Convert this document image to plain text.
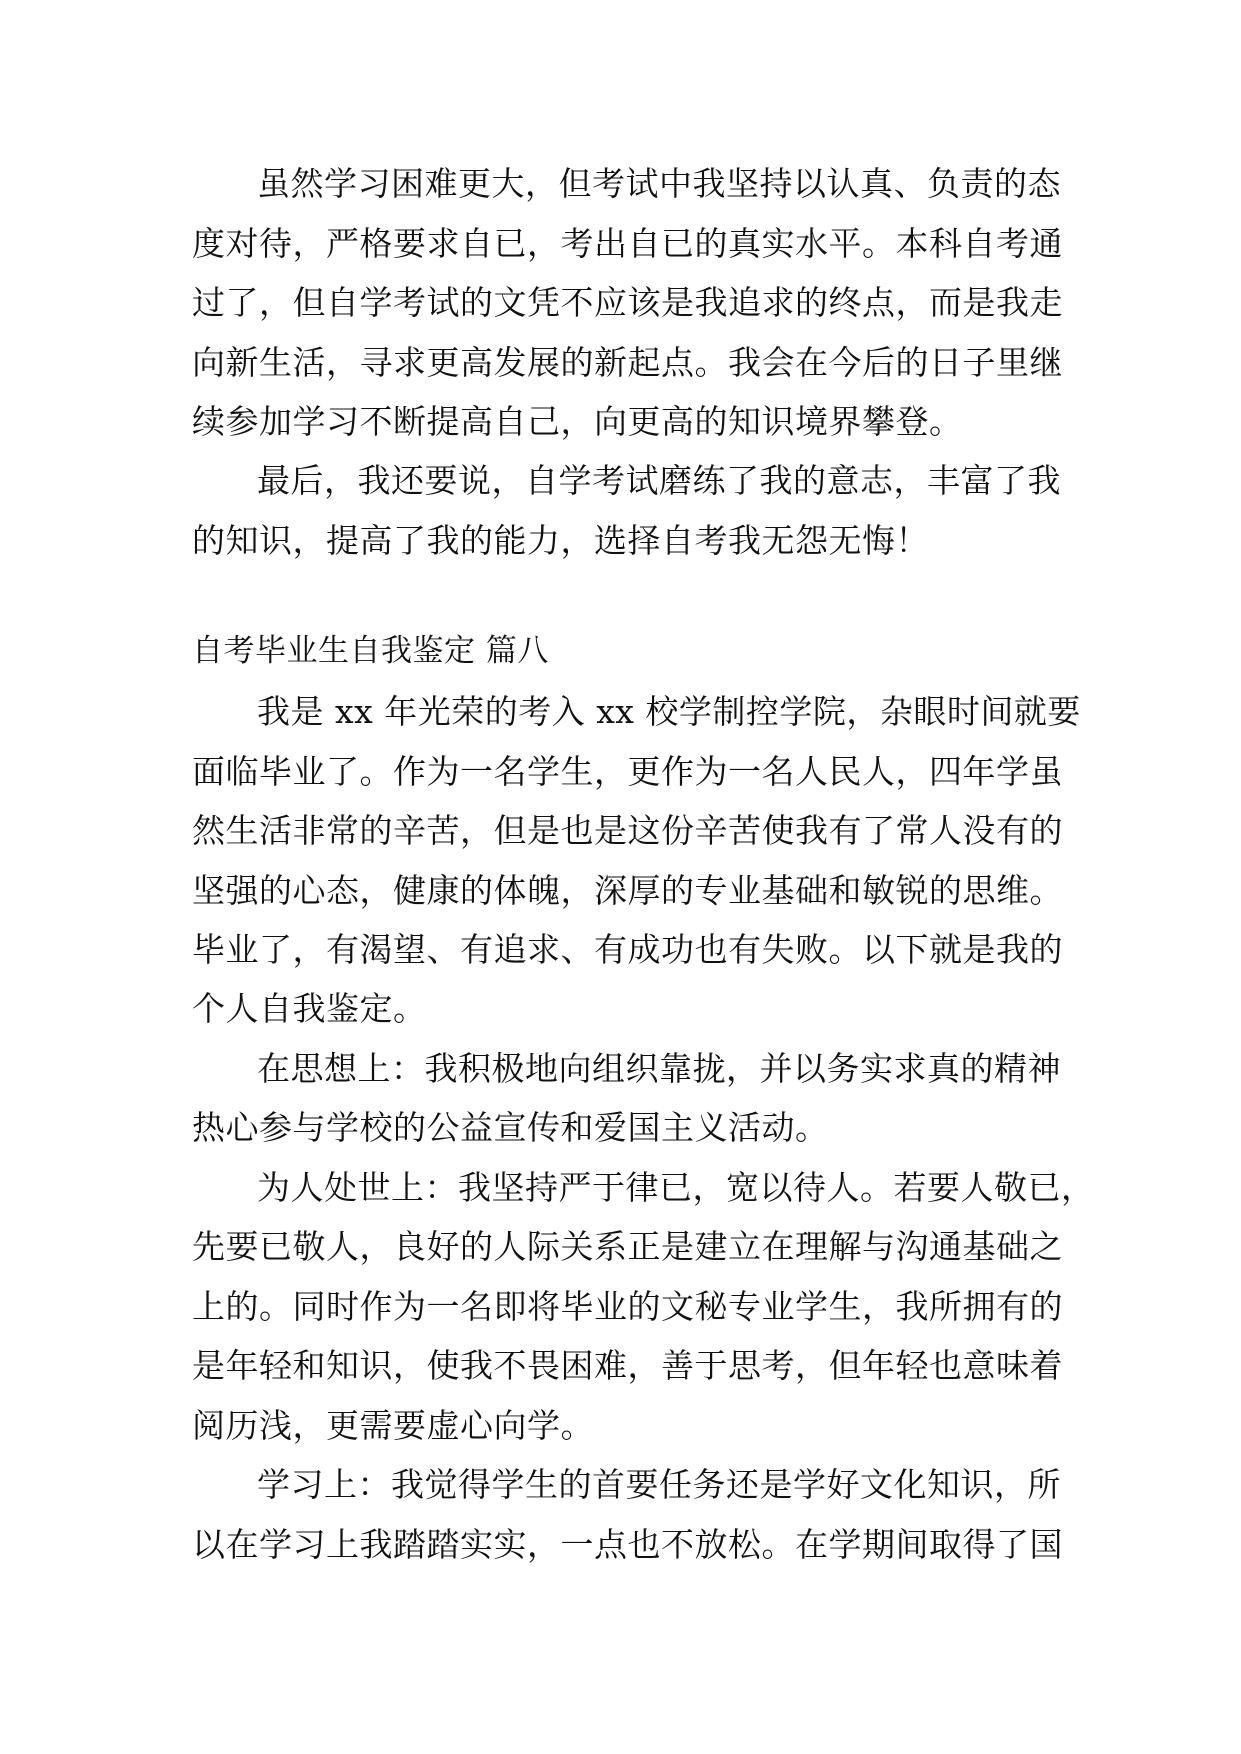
虽然学习困难更大，但考试中我坚持以认真、负责的态
度对待，严格要求自已，考出自已的真实水平。本科自考通
过了，但自学考试的文凭不应该是我追求的终点，而是我走
向新生活，寻求更高发展的新起点。我会在今后的日子里继
续参加学习不断提高自己，向更高的知识境界攀登。
最后，我还要说，自学考试磨练了我的意志，丰富了我
的知识，提高了我的能力，选择自考我无怨无悔！
自考毕业生自我鉴定 篇八
我是 xx 年光荣的考入 xx 校学制控学院，杂眼时间就要
面临毕业了。作为一名学生，更作为一名人民人，四年学虽
然生活非常的辛苦，但是也是这份辛苦使我有了常人没有的
坚强的心态，健康的体魄，深厚的专业基础和敏锐的思维。
毕业了，有渴望、有追求、有成功也有失败。以下就是我的
个人自我鉴定。
在思想上：我积极地向组织靠拢，并以务实求真的精神
热心参与学校的公益宣传和爱国主义活动。
为人处世上：我坚持严于律已，宽以待人。若要人敬已，
先要已敬人，良好的人际关系正是建立在理解与沟通基础之
上的。同时作为一名即将毕业的文秘专业学生，我所拥有的
是年轻和知识，使我不畏困难，善于思考，但年轻也意味着
阅历浅，更需要虚心向学。
学习上：我觉得学生的首要任务还是学好文化知识，所
以在学习上我踏踏实实，一点也不放松。在学期间取得了国
